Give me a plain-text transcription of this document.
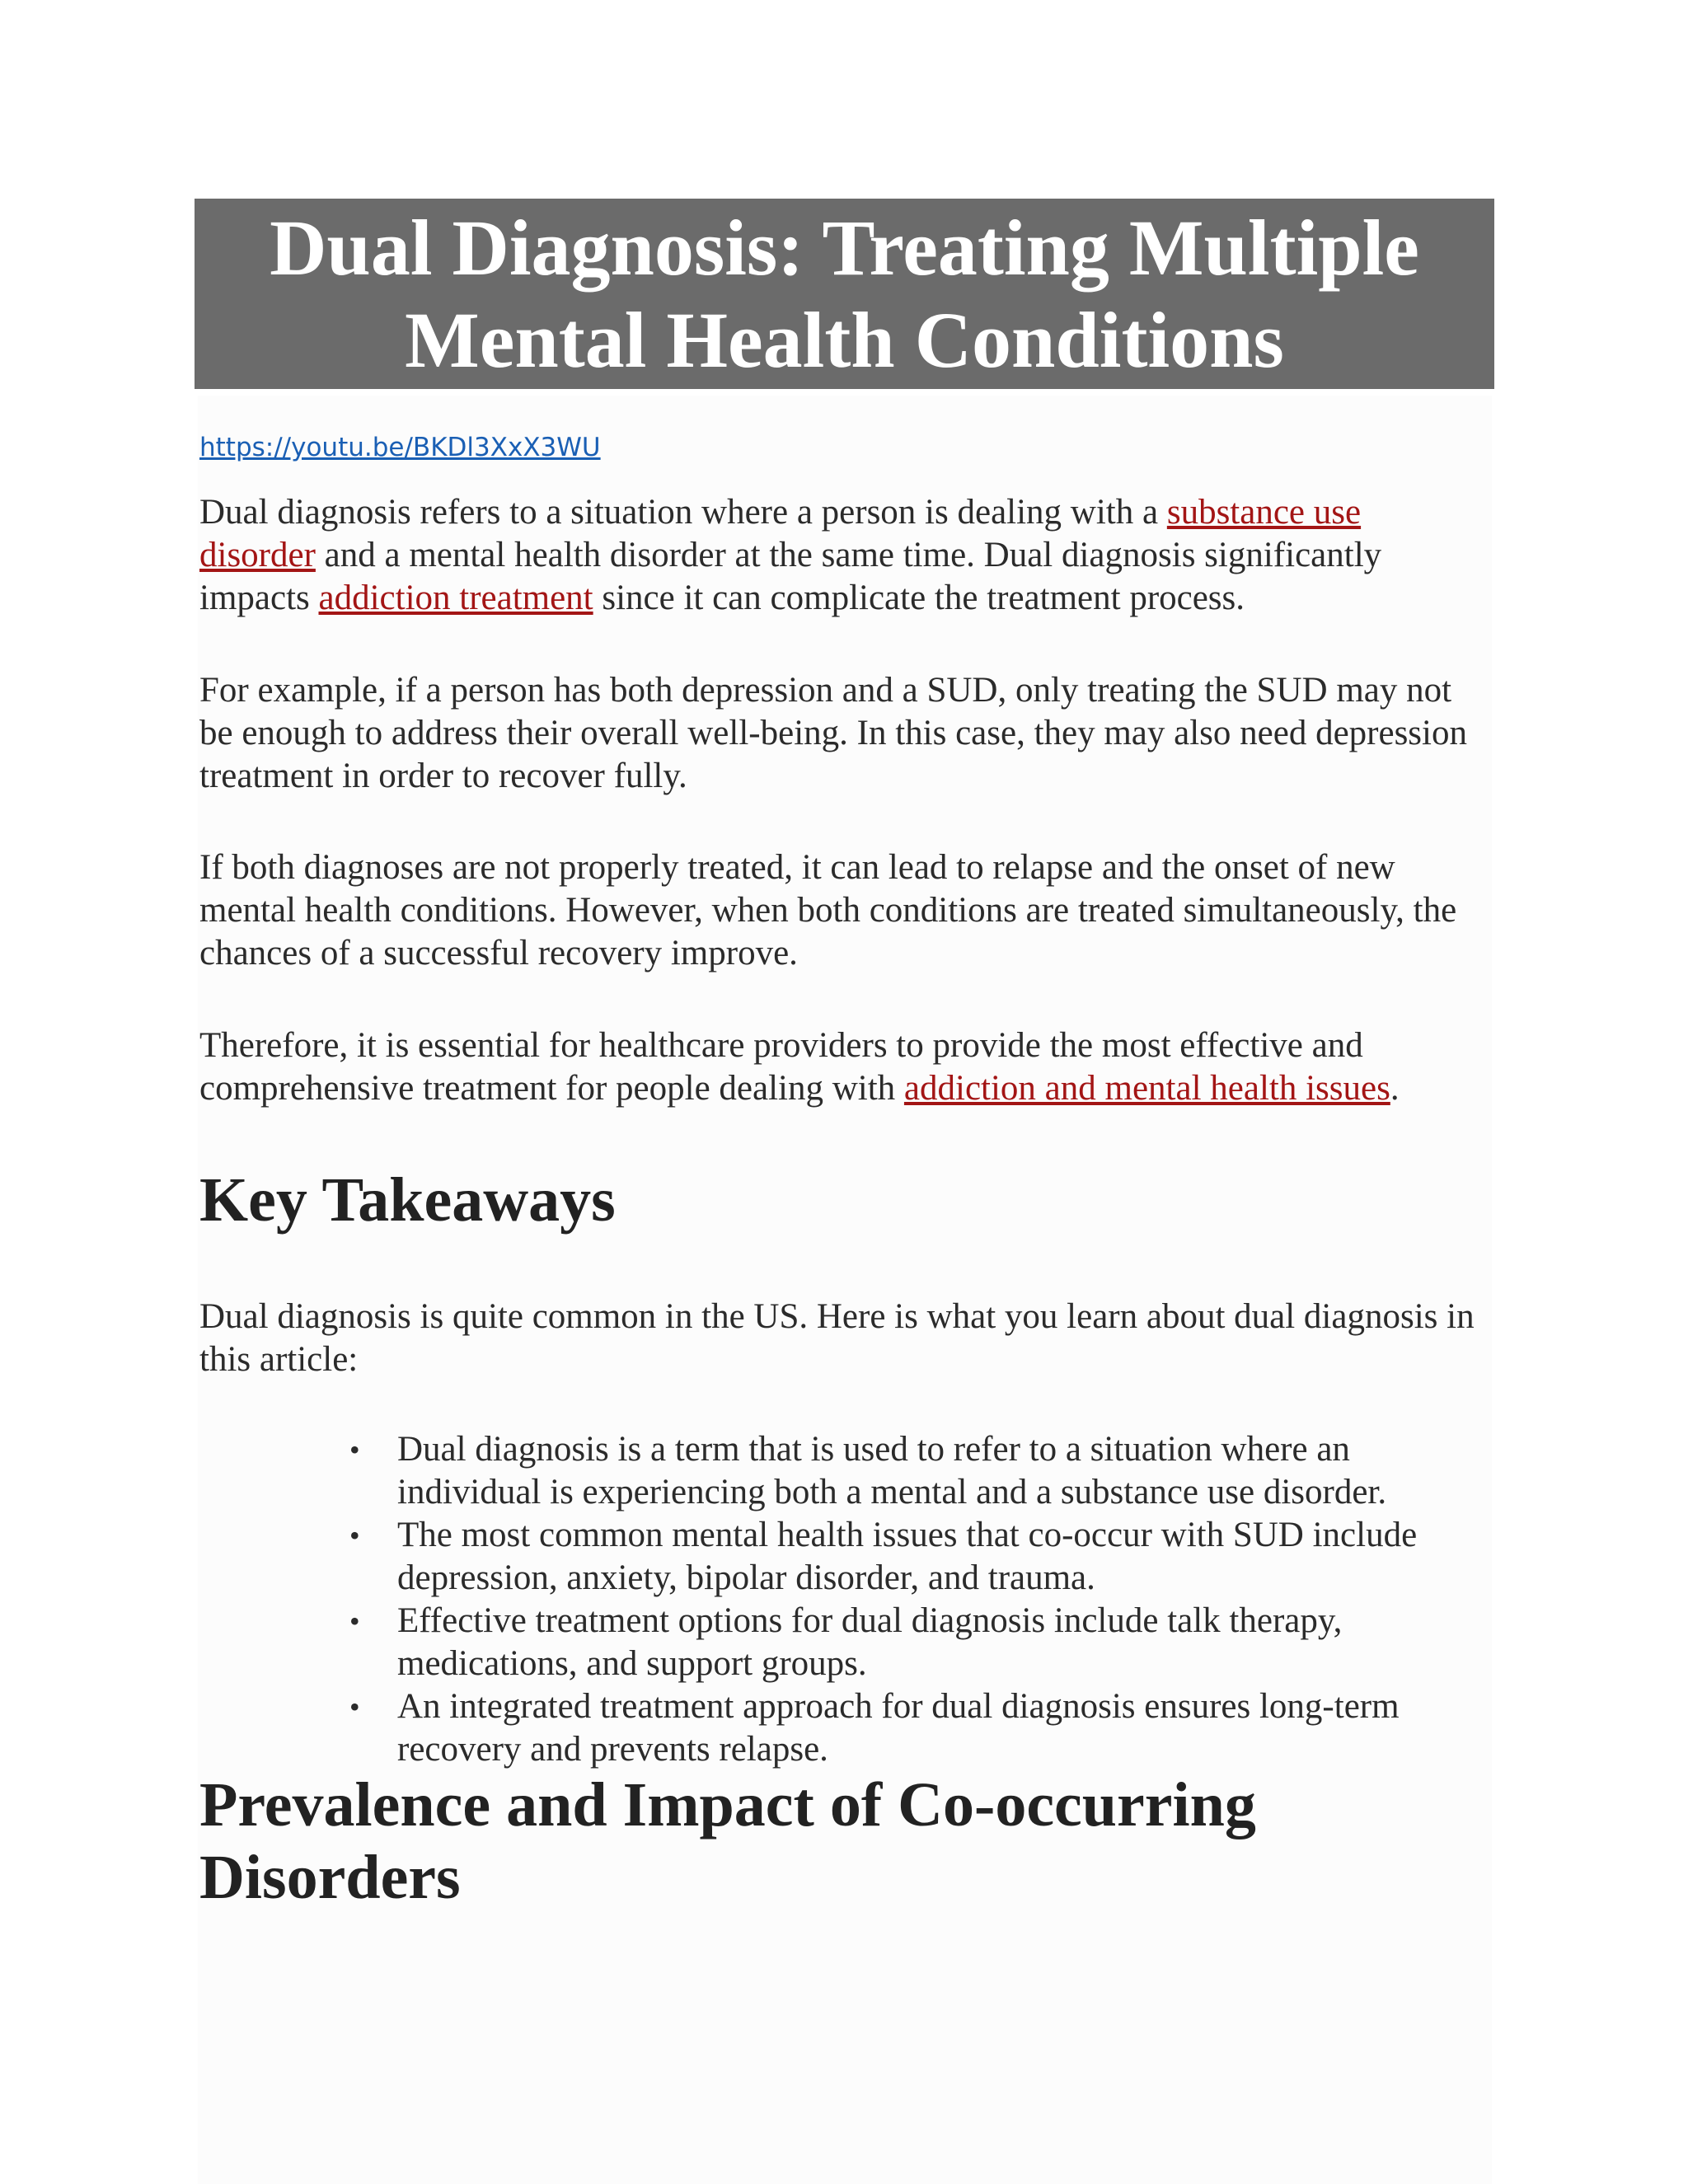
Dual Diagnosis: Treating Multiple
Mental Health Conditions
https://youtu.be/BKDl3XxX3WU

Dual diagnosis refers to a situation where a person is dealing with a substance use disorder and a mental health disorder at the same time. Dual diagnosis significantly impacts addiction treatment since it can complicate the treatment process.

For example, if a person has both depression and a SUD, only treating the SUD may not be enough to address their overall well-being. In this case, they may also need depression treatment in order to recover fully.

If both diagnoses are not properly treated, it can lead to relapse and the onset of new mental health conditions. However, when both conditions are treated simultaneously, the chances of a successful recovery improve.

Therefore, it is essential for healthcare providers to provide the most effective and comprehensive treatment for people dealing with addiction and mental health issues.

Key Takeaways

Dual diagnosis is quite common in the US. Here is what you learn about dual diagnosis in this article:

• Dual diagnosis is a term that is used to refer to a situation where an individual is experiencing both a mental and a substance use disorder.
• The most common mental health issues that co-occur with SUD include depression, anxiety, bipolar disorder, and trauma.
• Effective treatment options for dual diagnosis include talk therapy, medications, and support groups.
• An integrated treatment approach for dual diagnosis ensures long-term recovery and prevents relapse.
Prevalence and Impact of Co-occurring Disorders
